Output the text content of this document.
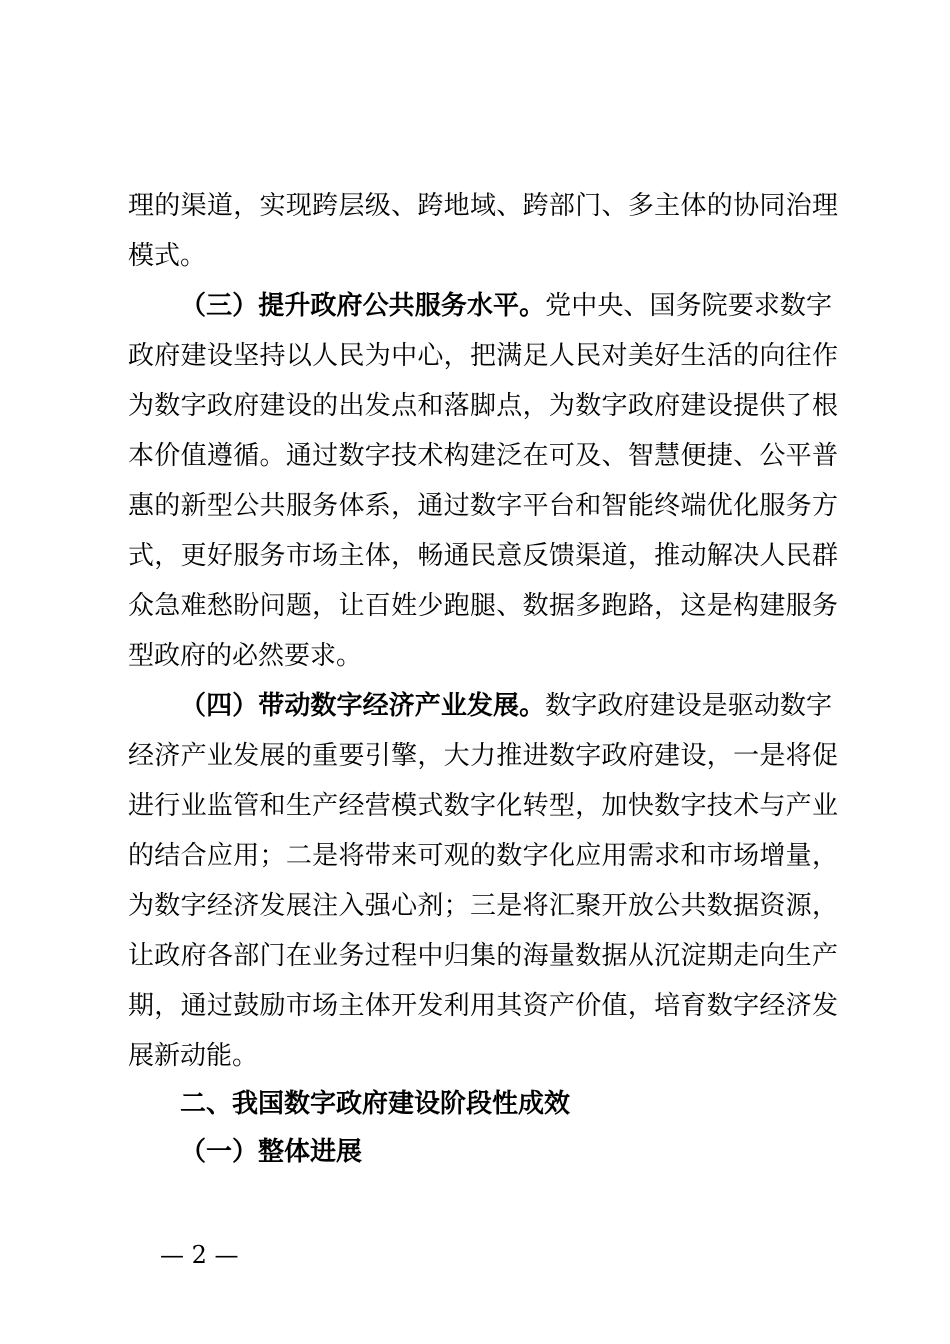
理的渠道，实现跨层级、跨地域、跨部门、多主体的协同治理
模式。
（三）提升政府公共服务水平。党中央、国务院要求数字
政府建设坚持以人民为中心，把满足人民对美好生活的向往作
为数字政府建设的出发点和落脚点，为数字政府建设提供了根
本价值遵循。通过数字技术构建泛在可及、智慧便捷、公平普
惠的新型公共服务体系，通过数字平台和智能终端优化服务方
式，更好服务市场主体，畅通民意反馈渠道，推动解决人民群
众急难愁盼问题，让百姓少跑腿、数据多跑路，这是构建服务
型政府的必然要求。
（四）带动数字经济产业发展。数字政府建设是驱动数字
经济产业发展的重要引擎，大力推进数字政府建设，一是将促
进行业监管和生产经营模式数字化转型，加快数字技术与产业
的结合应用；二是将带来可观的数字化应用需求和市场增量，
为数字经济发展注入强心剂；三是将汇聚开放公共数据资源，
让政府各部门在业务过程中归集的海量数据从沉淀期走向生产
期，通过鼓励市场主体开发利用其资产价值，培育数字经济发
展新动能。
二、我国数字政府建设阶段性成效
（一）整体进展
— 2 —
